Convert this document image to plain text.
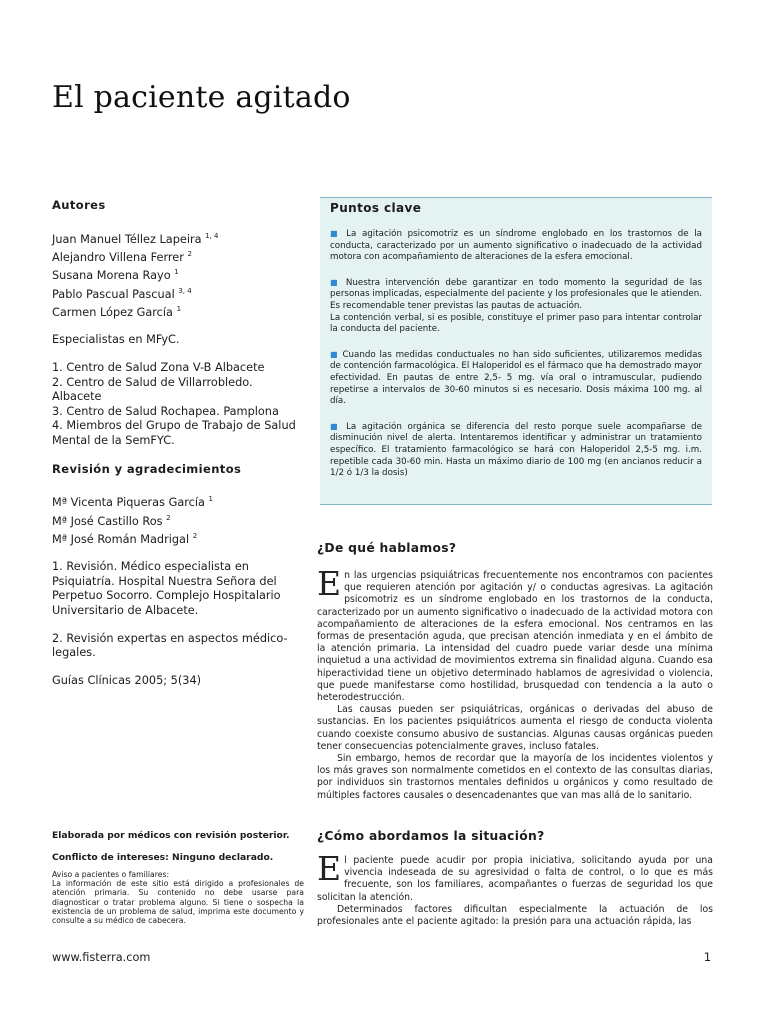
El paciente agitado
Autores

Juan Manuel Téllez Lapeira $^{1, 4}$

Alejandro Villena Ferrer $^2$

Susana Morena Rayo $^1$

Pablo Pascual Pascual $^{3, 4}$

Carmen López García $^1$

Especialistas en MFyC.

1. Centro de Salud Zona V-B Albacete

2. Centro de Salud de Villarrobledo. Albacete

3. Centro de Salud Rochapea. Pamplona

4. Miembros del Grupo de Trabajo de Salud Mental de la SemFYC.

Revisión y agradecimientos

Mª Vicenta Piqueras García $^1$

Mª José Castillo Ros $^2$

Mª José Román Madrigal $^2$

1. Revisión. Médico especialista en Psiquiatría. Hospital Nuestra Señora del Perpetuo Socorro. Complejo Hospitalario Universitario de Albacete.

2. Revisión expertas en aspectos médico-legales.

Guías Clínicas 2005; 5(34)

Elaborada por médicos con revisión posterior.
Conflicto de intereses: Ninguno declarado.
Aviso a pacientes o familiares:
La información de este sitio está dirigido a profesionales de atención primaria. Su contenido no debe usarse para diagnosticar o tratar problema alguno. Si tiene o sospecha la existencia de un problema de salud, imprima este documento y consulte a su médico de cabecera.
Puntos clave

■ La agitación psicomotriz es un síndrome englobado en los trastornos de la conducta, caracterizado por un aumento significativo o inadecuado de la actividad motora con acompañamiento de alteraciones de la esfera emocional.

■ Nuestra intervención debe garantizar en todo momento la seguridad de las personas implicadas, especialmente del paciente y los profesionales que le atienden. Es recomendable tener previstas las pautas de actuación.
La contención verbal, si es posible, constituye el primer paso para intentar controlar la conducta del paciente.

■ Cuando las medidas conductuales no han sido suficientes, utilizaremos medidas de contención farmacológica. El Haloperidol es el fármaco que ha demostrado mayor efectividad. En pautas de entre 2,5- 5 mg. vía oral o intramuscular, pudiendo repetirse a intervalos de 30-60 minutos si es necesario. Dosis máxima 100 mg. al día.

■ La agitación orgánica se diferencia del resto porque suele acompañarse de disminución nivel de alerta. Intentaremos identificar y administrar un tratamiento específico. El tratamiento farmacológico se hará con Haloperidol 2,5-5 mg. i.m. repetible cada 30-60 min. Hasta un máximo diario de 100 mg (en ancianos reducir a 1/2 ó 1/3 la dosis)

¿De qué hablamos?

En las urgencias psiquiátricas frecuentemente nos encontramos con pacientes que requieren atención por agitación y/ o conductas agresivas. La agitación psicomotriz es un síndrome englobado en los trastornos de la conducta, caracterizado por un aumento significativo o inadecuado de la actividad motora con acompañamiento de alteraciones de la esfera emocional. Nos centramos en las formas de presentación aguda, que precisan atención inmediata y en el ámbito de la atención primaria. La intensidad del cuadro puede variar desde una mínima inquietud a una actividad de movimientos extrema sin finalidad alguna. Cuando esa hiperactividad tiene un objetivo determinado hablamos de agresividad o violencia, que puede manifestarse como hostilidad, brusquedad con tendencia a la auto o heterodestrucción.

Las causas pueden ser psiquiátricas, orgánicas o derivadas del abuso de sustancias. En los pacientes psiquiátricos aumenta el riesgo de conducta violenta cuando coexiste consumo abusivo de sustancias. Algunas causas orgánicas pueden tener consecuencias potencialmente graves, incluso fatales.

Sin embargo, hemos de recordar que la mayoría de los incidentes violentos y los más graves son normalmente cometidos en el contexto de las consultas diarias, por individuos sin trastornos mentales definidos u orgánicos y como resultado de múltiples factores causales o desencadenantes que van mas allá de lo sanitario.

¿Cómo abordamos la situación?

El paciente puede acudir por propia iniciativa, solicitando ayuda por una vivencia indeseada de su agresividad o falta de control, o lo que es más frecuente, son los familiares, acompañantes o fuerzas de seguridad los que solicitan la atención.

Determinados factores dificultan especialmente la actuación de los profesionales ante el paciente agitado: la presión para una actuación rápida, las

www.fisterra.com	1
